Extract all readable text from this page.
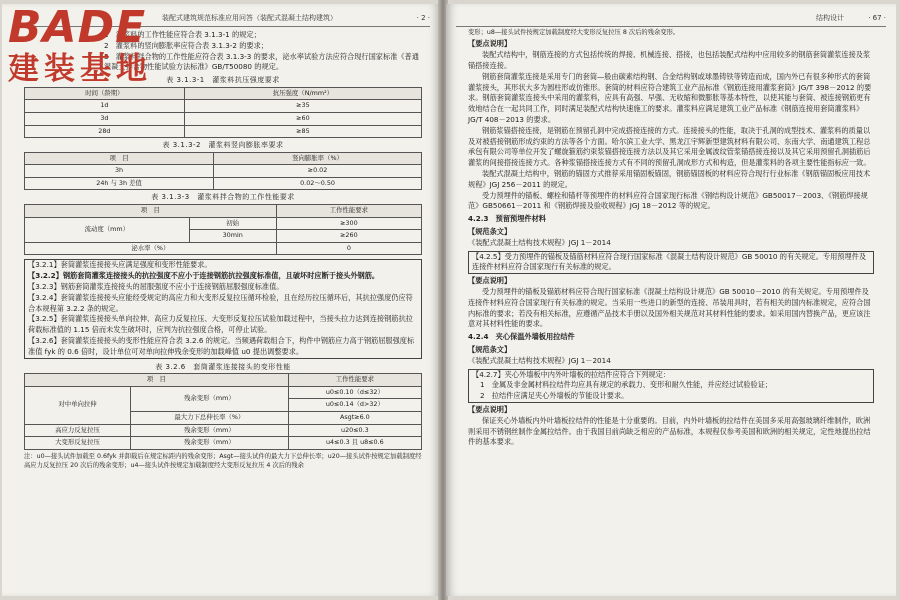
装配式建筑规范标准应用问答（装配式混凝土结构建筑）	· 2 ·

1　灌浆料的工作性能应符合表 3.1.3-1 的规定；

2　灌浆料的竖向膨胀率应符合表 3.1.3-2 的要求；

3　灌浆料拌合物的工作性能应符合表 3.1.3-3 的要求，泌水率试验方法应符合现行国家标准《普通混凝土拌合物性能试验方法标准》GB/T50080 的规定。

表 3.1.3-1　灌浆料抗压强度要求
时间（龄期）	抗压强度（N/mm²）
1d	≥35
3d	≥60
28d	≥85
表 3.1.3-2　灌浆料竖向膨胀率要求
项　目	竖向膨胀率（%）
3h	≥0.02
24h 与 3h 差值	0.02～0.50
表 3.1.3-3　灌浆料拌合物的工作性能要求
项　目		工作性能要求
流动度（mm）	初始	≥300
	30min	≥260
泌水率（%）		0

【3.2.1】套筒灌浆连接接头应满足强度和变形性能要求。

【3.2.2】钢筋套筒灌浆连接接头的抗拉强度不应小于连接钢筋抗拉强度标准值，且破坏时应断于接头外钢筋。

【3.2.3】钢筋套筒灌浆连接接头的屈服强度不应小于连接钢筋屈服强度标准值。

【3.2.4】套筒灌浆连接接头应能经受规定的高应力和大变形反复拉压循环检验，且在经历拉压循环后，其抗拉强度仍应符合本规程第 3.2.2 条的规定。

【3.2.5】套筒灌浆连接接头单向拉伸、高应力反复拉压、大变形反复拉压试验加载过程中，当接头拉力达到连接钢筋抗拉荷载标准值的 1.15 倍而未发生破坏时，应判为抗拉强度合格，可停止试验。

【3.2.6】套筒灌浆连接接头的变形性能应符合表 3.2.6 的规定。当频遇荷载组合下，构件中钢筋应力高于钢筋屈服强度标准值 fyk 的 0.6 倍时，设计单位可对单向拉伸残余变形的加载峰值 u0 提出调整要求。

表 3.2.6　套筒灌浆连接接头的变形性能
项　目		工作性能要求
对中单向拉伸	残余变形（mm）	u0≤0.10（d≤32）
		u0≤0.14（d>32）
	最大力下总伸长率（%）	Asgt≥6.0
高应力反复拉压	残余变形（mm）	u20≤0.3
大变形反复拉压	残余变形（mm）	u4≤0.3 且 u8≤0.6

注：u0—接头试件加载至 0.6fyk 并卸载后在规定标距内的残余变形；Asgt—接头试件的最大力下总伸长率；u20—接头试件按规定加载制度经高应力反复拉压 20 次后的残余变形；u4—接头试件按规定加载制度经大变形反复拉压 4 次后的残余

BADE
建装基地
结构设计	· 67 ·

变形；u8—接头试件按规定加载制度经大变形反复拉压 8 次后的残余变形。

【要点说明】

装配式结构中，钢筋连接的方式包括传统的焊接、机械连接、搭接，也包括装配式结构中应用较多的钢筋套筒灌浆连接及浆锚搭接连接。

钢筋套筒灌浆连接是采用专门的套筒—般由碳素结构钢、合金结构钢或球墨铸铁等铸造而成，国内外已有很多种形式的套筒灌浆接头，其形状大多为圆柱形或仿锥形。套筒的材料应符合建筑工业产品标准《钢筋连接用灌浆套筒》JG/T 398－2012 的要求。钢筋套筒灌浆连接头中采用的灌浆料，应具有高强、早强、无收缩和微膨胀等基本特性，以使其能与套筒、被连接钢筋更有效地结合在一起共同工作，同时满足装配式结构快速施工的要求。灌浆料应满足建筑工业产品标准《钢筋连接用套筒灌浆料》JG/T 408－2013 的要求。

钢筋浆锚搭接连接，是钢筋在预留孔洞中完成搭接连接的方式。连接接头的性能，取决于孔洞的成型技术、灌浆料的质量以及对被搭接钢筋形成约束的方法等各个方面。哈尔滨工业大学、黑龙江宇辉新型建筑材料有限公司、东南大学、南通建筑工程总承包有限公司等单位开发了螺旋箍筋约束浆锚搭接连接方法以及其它采用金属波纹管浆锚搭接连接以及其它采用预留孔洞插筋后灌浆的间接搭接连接方式。各种浆锚搭接连接方式有不同的预留孔洞成形方式和构造，但是灌浆料的各项主要性能指标应一致。

装配式混凝土结构中，钢筋的锚固方式推荐采用锚固板锚固，钢筋锚固板的材料应符合现行行业标准《钢筋锚固板应用技术规程》JGJ 256－2011 的规定。

受力预埋件的锚板、螺栓和锚杆等预埋件的材料应符合国家现行标准《钢结构设计规范》GB50017－2003、《钢筋焊接规范》GB50661－2011 和《钢筋焊接及验收规程》JGJ 18－2012 等的规定。

4.2.3　预留预埋件材料

【规范条文】

《装配式混凝土结构技术规程》JGJ 1－2014

【4.2.5】受力预埋件的锚板及锚筋材料应符合现行国家标准《混凝土结构设计规范》GB 50010 的有关规定。专用预埋件及连接件材料应符合国家现行有关标准的规定。

【要点说明】

受力预埋件的锚板及锚筋材料应符合现行国家标准《混凝土结构设计规范》GB 50010－2010 的有关规定。专用预埋件及连接件材料应符合国家现行有关标准的规定。当采用一些进口的新型的连接、吊装用具时，若有相关的国内标准规定，应符合国内标准的要求；若没有相关标准，应遵循产品技术手册以及国外相关规范对其材料性能的要求。如采用国内替换产品，更应该注意对其材料性能的要求。

4.2.4　夹心保温外墙板用拉结件

【规范条文】

《装配式混凝土结构技术规程》JGJ 1－2014

【4.2.7】夹心外墙板中内外叶墙板的拉结件应符合下列规定：

1　金属及非金属材料拉结件均应具有规定的承载力、变形和耐久性能，并应经过试验验证；

2　拉结件应满足夹心外墙板的节能设计要求。

【要点说明】

保证夹心外墙板内外叶墙板拉结件的性能是十分重要的。目前，内外叶墙板的拉结件在美国多采用高强玻璃纤维制作，欧洲则采用不锈钢丝制作金属拉结件。由于我国目前尚缺乏相应的产品标准，本规程仅参考美国和欧洲的相关规定，定性地提出拉结件的基本要求。
